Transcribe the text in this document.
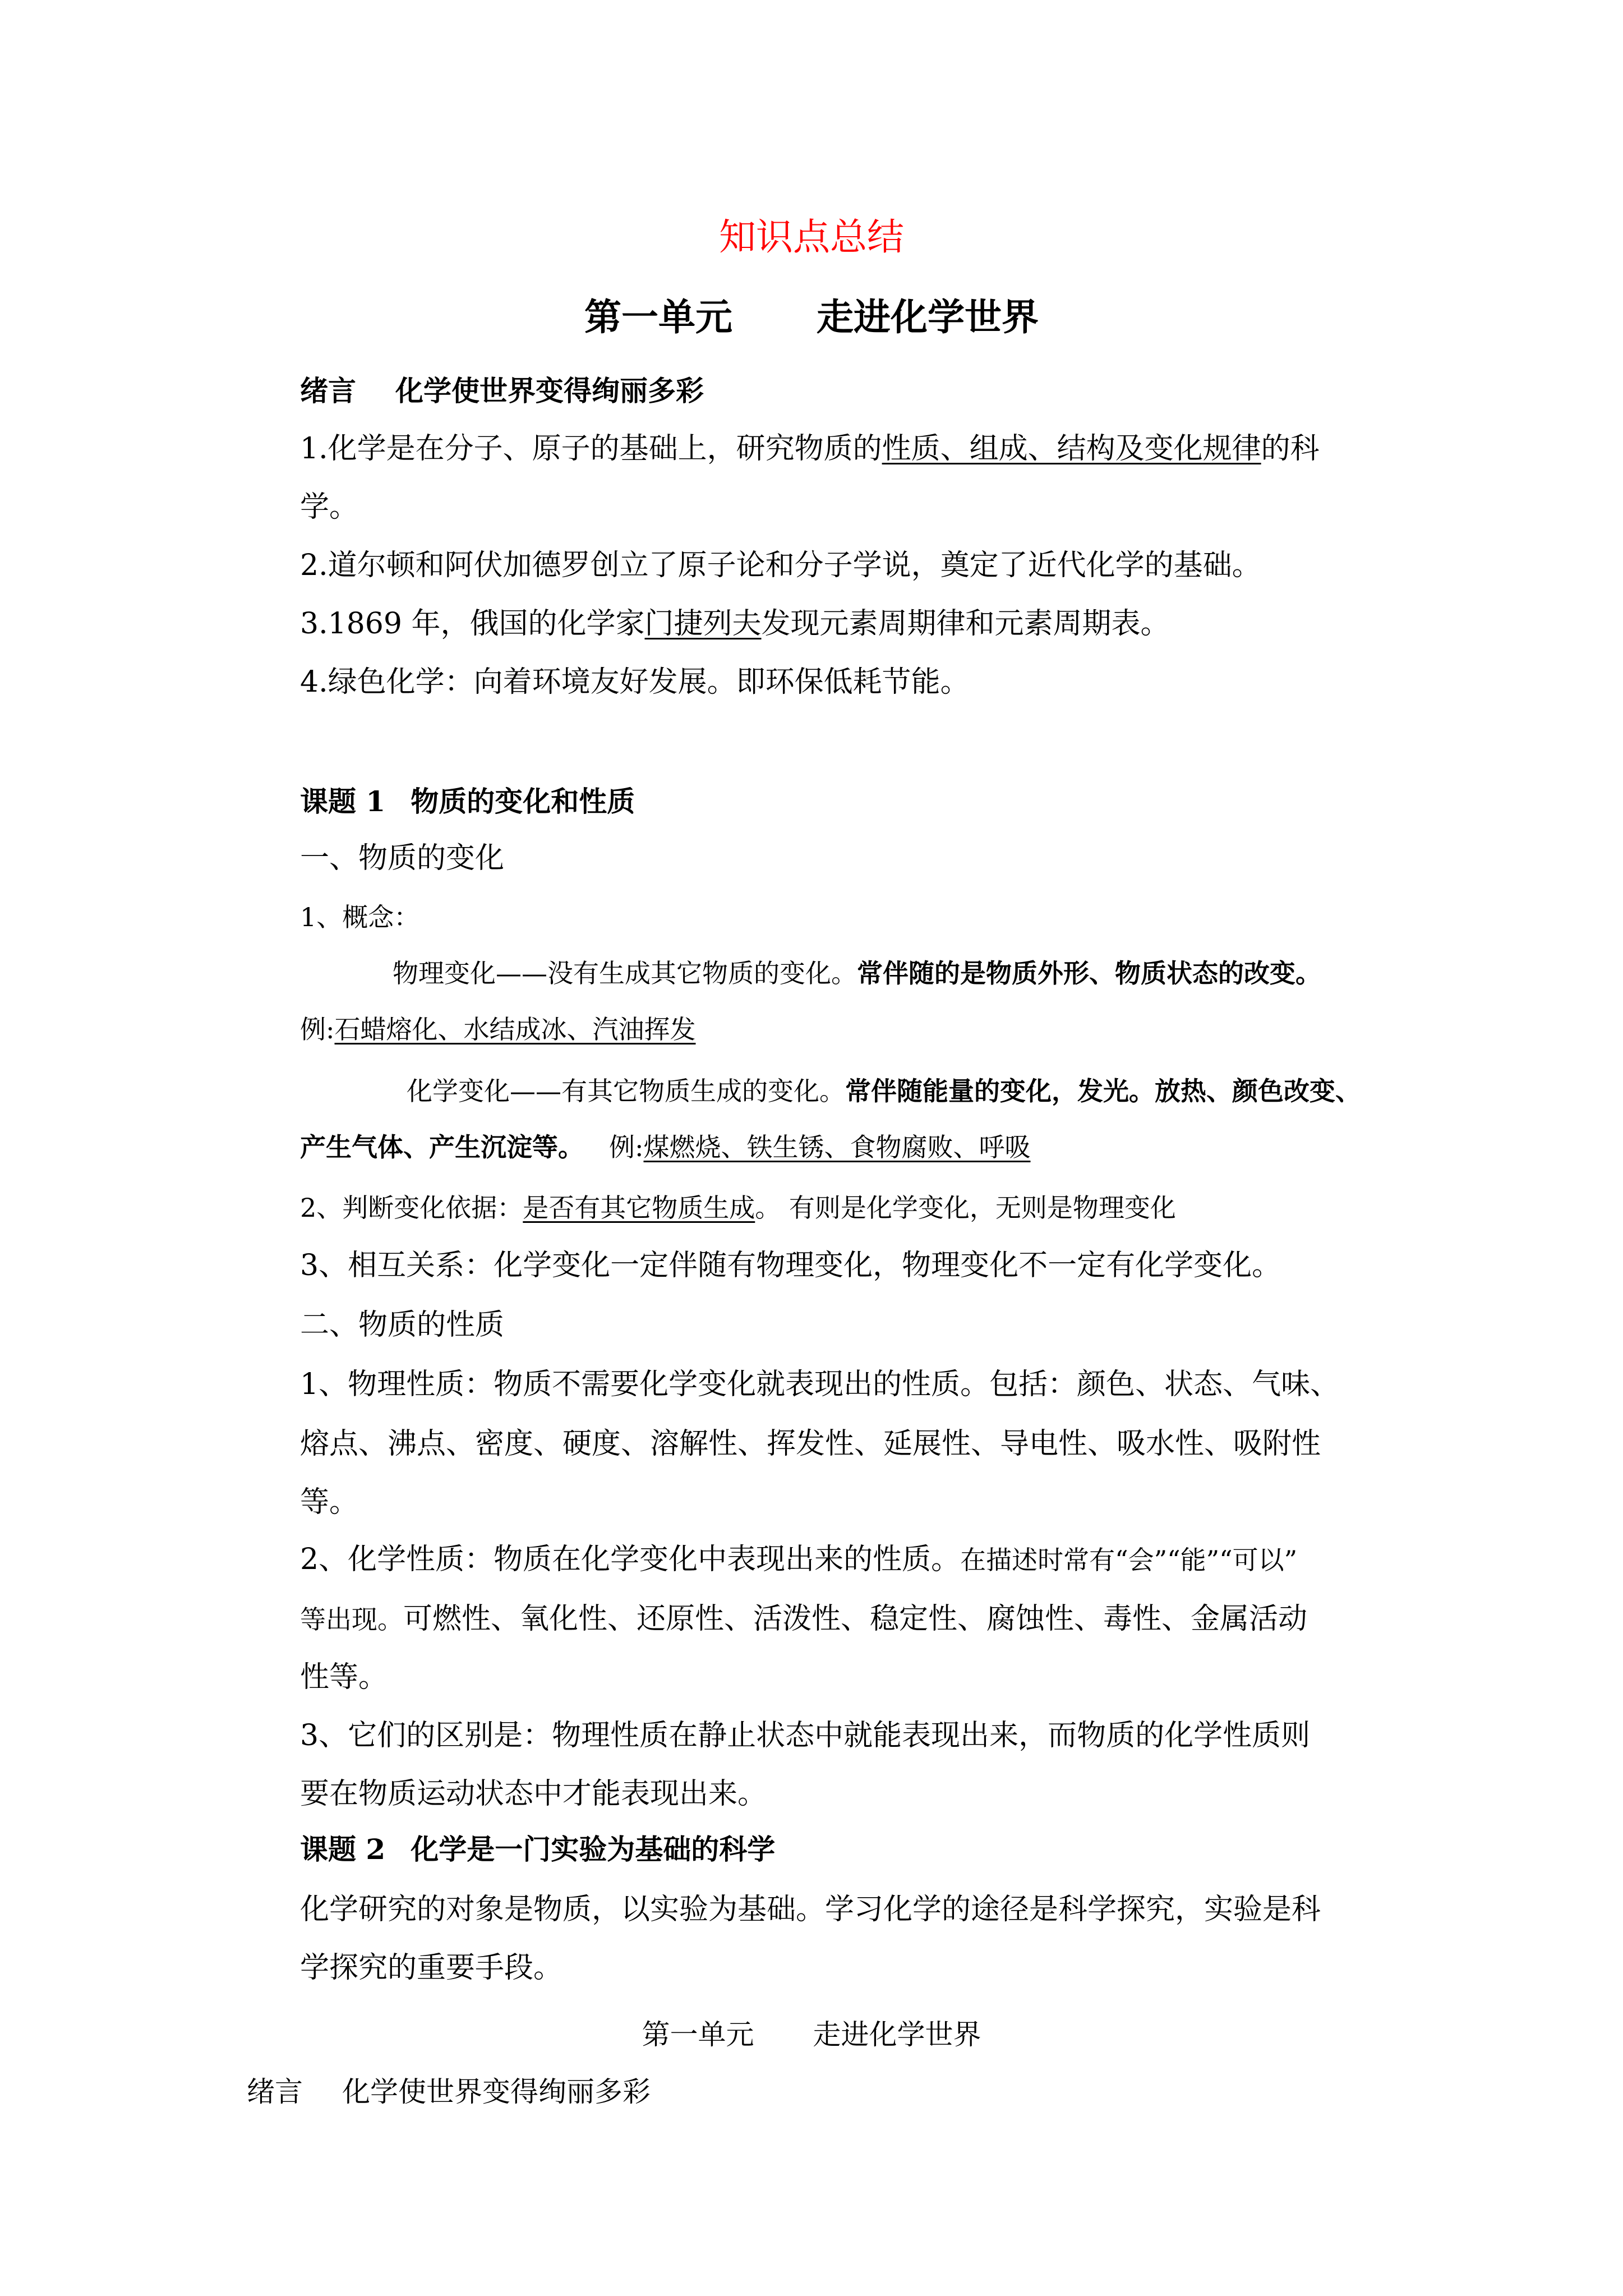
知识点总结
第一单元 走进化学世界
绪言 化学使世界变得绚丽多彩
1.化学是在分子、原子的基础上，研究物质的性质、组成、结构及变化规律的科
学。
2.道尔顿和阿伏加德罗创立了原子论和分子学说，奠定了近代化学的基础。
3.1869 年，俄国的化学家门捷列夫发现元素周期律和元素周期表。
4.绿色化学：向着环境友好发展。即环保低耗节能。
课题 1 物质的变化和性质
一、物质的变化
1、概念：
物理变化——没有生成其它物质的变化。常伴随的是物质外形、物质状态的改变。
例:石蜡熔化、水结成冰、汽油挥发
化学变化——有其它物质生成的变化。常伴随能量的变化，发光。放热、颜色改变、
产生气体、产生沉淀等。 例:煤燃烧、铁生锈、食物腐败、呼吸
2、判断变化依据：是否有其它物质生成。 有则是化学变化，无则是物理变化
3、相互关系：化学变化一定伴随有物理变化，物理变化不一定有化学变化。
二、物质的性质
1、物理性质：物质不需要化学变化就表现出的性质。包括：颜色、状态、气味、
熔点、沸点、密度、硬度、溶解性、挥发性、延展性、导电性、吸水性、吸附性
等。
2、化学性质：物质在化学变化中表现出来的性质。在描述时常有“会”“能”“可以”
等出现。可燃性、氧化性、还原性、活泼性、稳定性、腐蚀性、毒性、金属活动
性等。
3、它们的区别是：物理性质在静止状态中就能表现出来，而物质的化学性质则
要在物质运动状态中才能表现出来。
课题 2 化学是一门实验为基础的科学
化学研究的对象是物质，以实验为基础。学习化学的途径是科学探究，实验是科
学探究的重要手段。
第一单元 走进化学世界
绪言 化学使世界变得绚丽多彩
